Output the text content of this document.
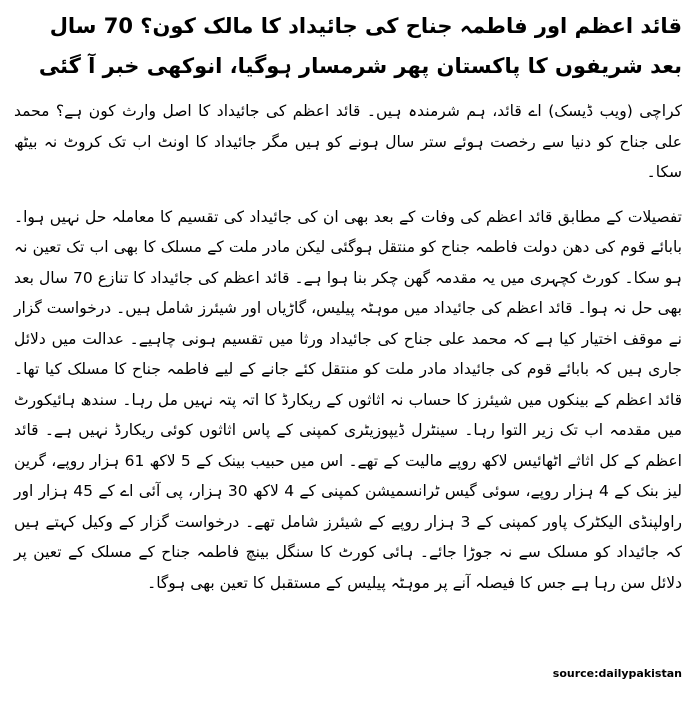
قائد اعظم اور فاطمہ جناح کی جائیداد کا مالک کون؟ 70 سال بعد شریفوں کا پاکستان پھر شرمسار ہوگیا، انوکھی خبر آ گئی

کراچی (ویب ڈیسک) اے قائد، ہم شرمندہ ہیں۔ قائد اعظم کی جائیداد کا اصل وارث کون ہے؟ محمد علی جناح کو دنیا سے رخصت ہوئے ستر سال ہونے کو ہیں مگر جائیداد کا اونٹ اب تک کروٹ نہ بیٹھ سکا۔

تفصیلات کے مطابق قائد اعظم کی وفات کے بعد بھی ان کی جائیداد کی تقسیم کا معاملہ حل نہیں ہوا۔ بابائے قوم کی دھن دولت فاطمہ جناح کو منتقل ہوگئی لیکن مادر ملت کے مسلک کا بھی اب تک تعین نہ ہو سکا۔ کورٹ کچہری میں یہ مقدمہ گھن چکر بنا ہوا ہے۔ قائد اعظم کی جائیداد کا تنازع 70 سال بعد بھی حل نہ ہوا۔ قائد اعظم کی جائیداد میں موہٹہ پیلیس، گاڑیاں اور شیئرز شامل ہیں۔ درخواست گزار نے موقف اختیار کیا ہے کہ محمد علی جناح کی جائیداد ورثا میں تقسیم ہونی چاہیے۔ عدالت میں دلائل جاری ہیں کہ بابائے قوم کی جائیداد مادر ملت کو منتقل کئے جانے کے لیے فاطمہ جناح کا مسلک کیا تھا۔ قائد اعظم کے بینکوں میں شیئرز کا حساب نہ اثاثوں کے ریکارڈ کا اتہ پتہ نہیں مل رہا۔ سندھ ہائیکورٹ میں مقدمہ اب تک زیر التوا رہا۔ سینٹرل ڈیپوزیٹری کمپنی کے پاس اثاثوں کوئی ریکارڈ نہیں ہے۔ قائد اعظم کے کل اثاثے اٹھائیس لاکھ روپے مالیت کے تھے۔ اس میں حبیب بینک کے 5 لاکھ 61 ہزار روپے، گرین لیز بنک کے 4 ہزار روپے، سوئی گیس ٹرانسمیشن کمپنی کے 4 لاکھ 30 ہزار، پی آئی اے کے 45 ہزار اور راولپنڈی الیکٹرک پاور کمپنی کے 3 ہزار روپے کے شیئرز شامل تھے۔ درخواست گزار کے وکیل کہتے ہیں کہ جائیداد کو مسلک سے نہ جوڑا جائے۔ ہائی کورٹ کا سنگل بینچ فاطمہ جناح کے مسلک کے تعین پر دلائل سن رہا ہے جس کا فیصلہ آنے پر موہٹہ پیلیس کے مستقبل کا تعین بھی ہوگا۔

source:dailypakistan
